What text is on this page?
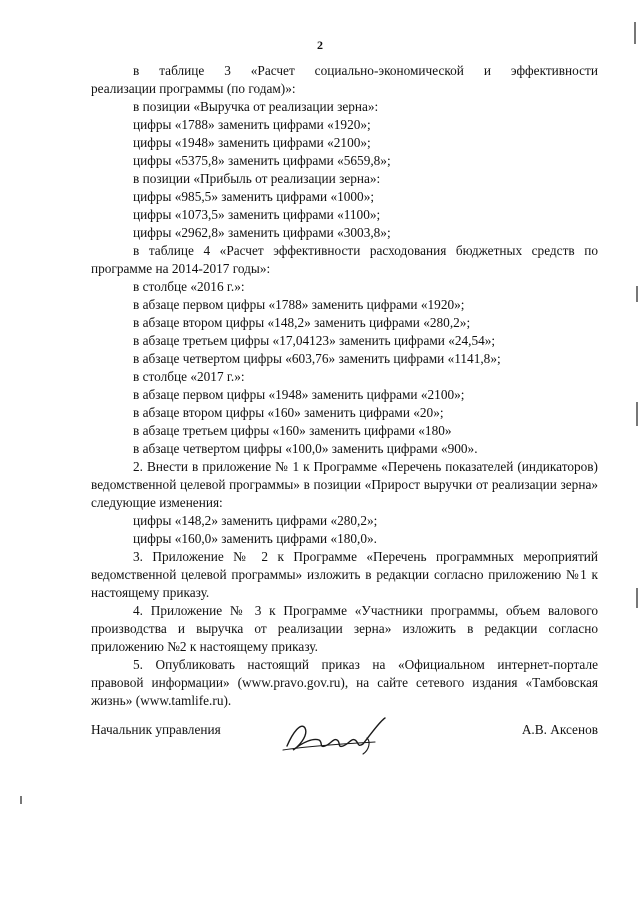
2

в таблице 3 «Расчет социально-экономической и эффективности

реализации программы (по годам)»:

в позиции «Выручка от реализации зерна»:

цифры «1788» заменить цифрами «1920»;

цифры «1948» заменить цифрами «2100»;

цифры «5375,8» заменить цифрами «5659,8»;

в позиции «Прибыль от реализации зерна»:

цифры «985,5» заменить цифрами «1000»;

цифры «1073,5» заменить цифрами «1100»;

цифры «2962,8» заменить цифрами «3003,8»;

в таблице 4 «Расчет эффективности расходования бюджетных средств по программе на 2014-2017 годы»:

в столбце «2016 г.»:

в абзаце первом цифры «1788» заменить цифрами «1920»;

в абзаце втором цифры «148,2» заменить цифрами «280,2»;

в абзаце третьем цифры «17,04123» заменить цифрами «24,54»;

в абзаце четвертом цифры «603,76» заменить цифрами «1141,8»;

в столбце «2017 г.»:

в абзаце первом цифры «1948» заменить цифрами «2100»;

в абзаце втором цифры «160» заменить цифрами «20»;

в абзаце третьем цифры «160» заменить цифрами «180»

в абзаце четвертом цифры «100,0» заменить цифрами «900».

2. Внести в приложение № 1 к Программе «Перечень показателей (индикаторов) ведомственной целевой программы» в позиции «Прирост выручки от реализации зерна» следующие изменения:

цифры «148,2» заменить цифрами «280,2»;

цифры «160,0» заменить цифрами «180,0».

3. Приложение № 2 к Программе «Перечень программных мероприятий ведомственной целевой программы» изложить в редакции согласно приложению №1 к настоящему приказу.

4. Приложение № 3 к Программе «Участники программы, объем валового производства и выручка от реализации зерна» изложить в редакции согласно приложению №2 к настоящему приказу.

5. Опубликовать настоящий приказ на «Официальном интернет-портале правовой информации» (www.pravo.gov.ru), на сайте сетевого издания «Тамбовская жизнь» (www.tamlife.ru).

Начальник управления	А.В. Аксенов
